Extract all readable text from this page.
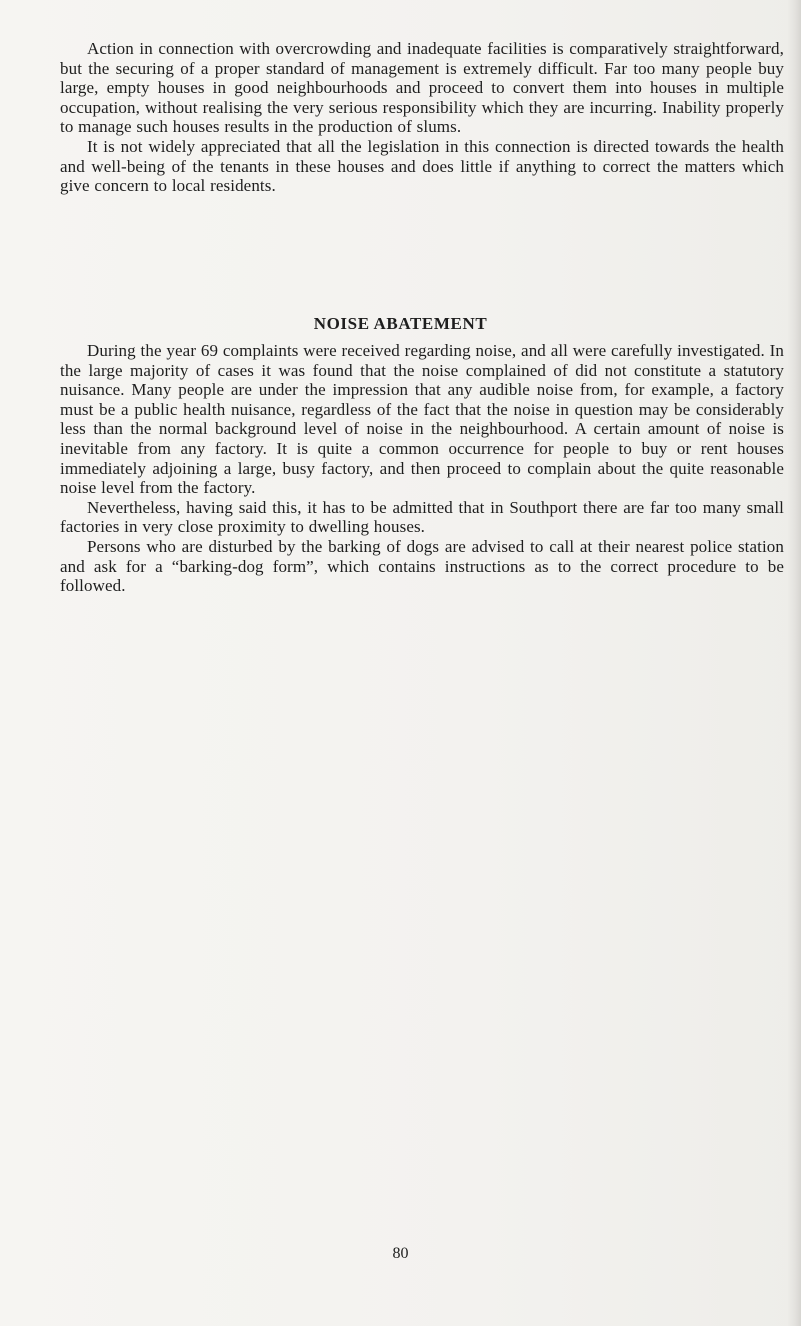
Action in connection with overcrowding and inadequate facilities is comparatively straightforward, but the securing of a proper standard of management is extremely difficult. Far too many people buy large, empty houses in good neighbourhoods and proceed to convert them into houses in multiple occupation, without realising the very serious responsibility which they are incurring. Inability properly to manage such houses results in the production of slums.

It is not widely appreciated that all the legislation in this connection is directed towards the health and well-being of the tenants in these houses and does little if anything to correct the matters which give concern to local residents.

NOISE ABATEMENT

During the year 69 complaints were received regarding noise, and all were carefully investigated. In the large majority of cases it was found that the noise complained of did not constitute a statutory nuisance. Many people are under the impression that any audible noise from, for example, a factory must be a public health nuisance, regardless of the fact that the noise in question may be considerably less than the normal background level of noise in the neighbourhood. A certain amount of noise is inevitable from any factory. It is quite a common occurrence for people to buy or rent houses immediately adjoining a large, busy factory, and then proceed to complain about the quite reasonable noise level from the factory.

Nevertheless, having said this, it has to be admitted that in Southport there are far too many small factories in very close proximity to dwelling houses.

Persons who are disturbed by the barking of dogs are advised to call at their nearest police station and ask for a “barking-dog form”, which contains instructions as to the correct procedure to be followed.

80
